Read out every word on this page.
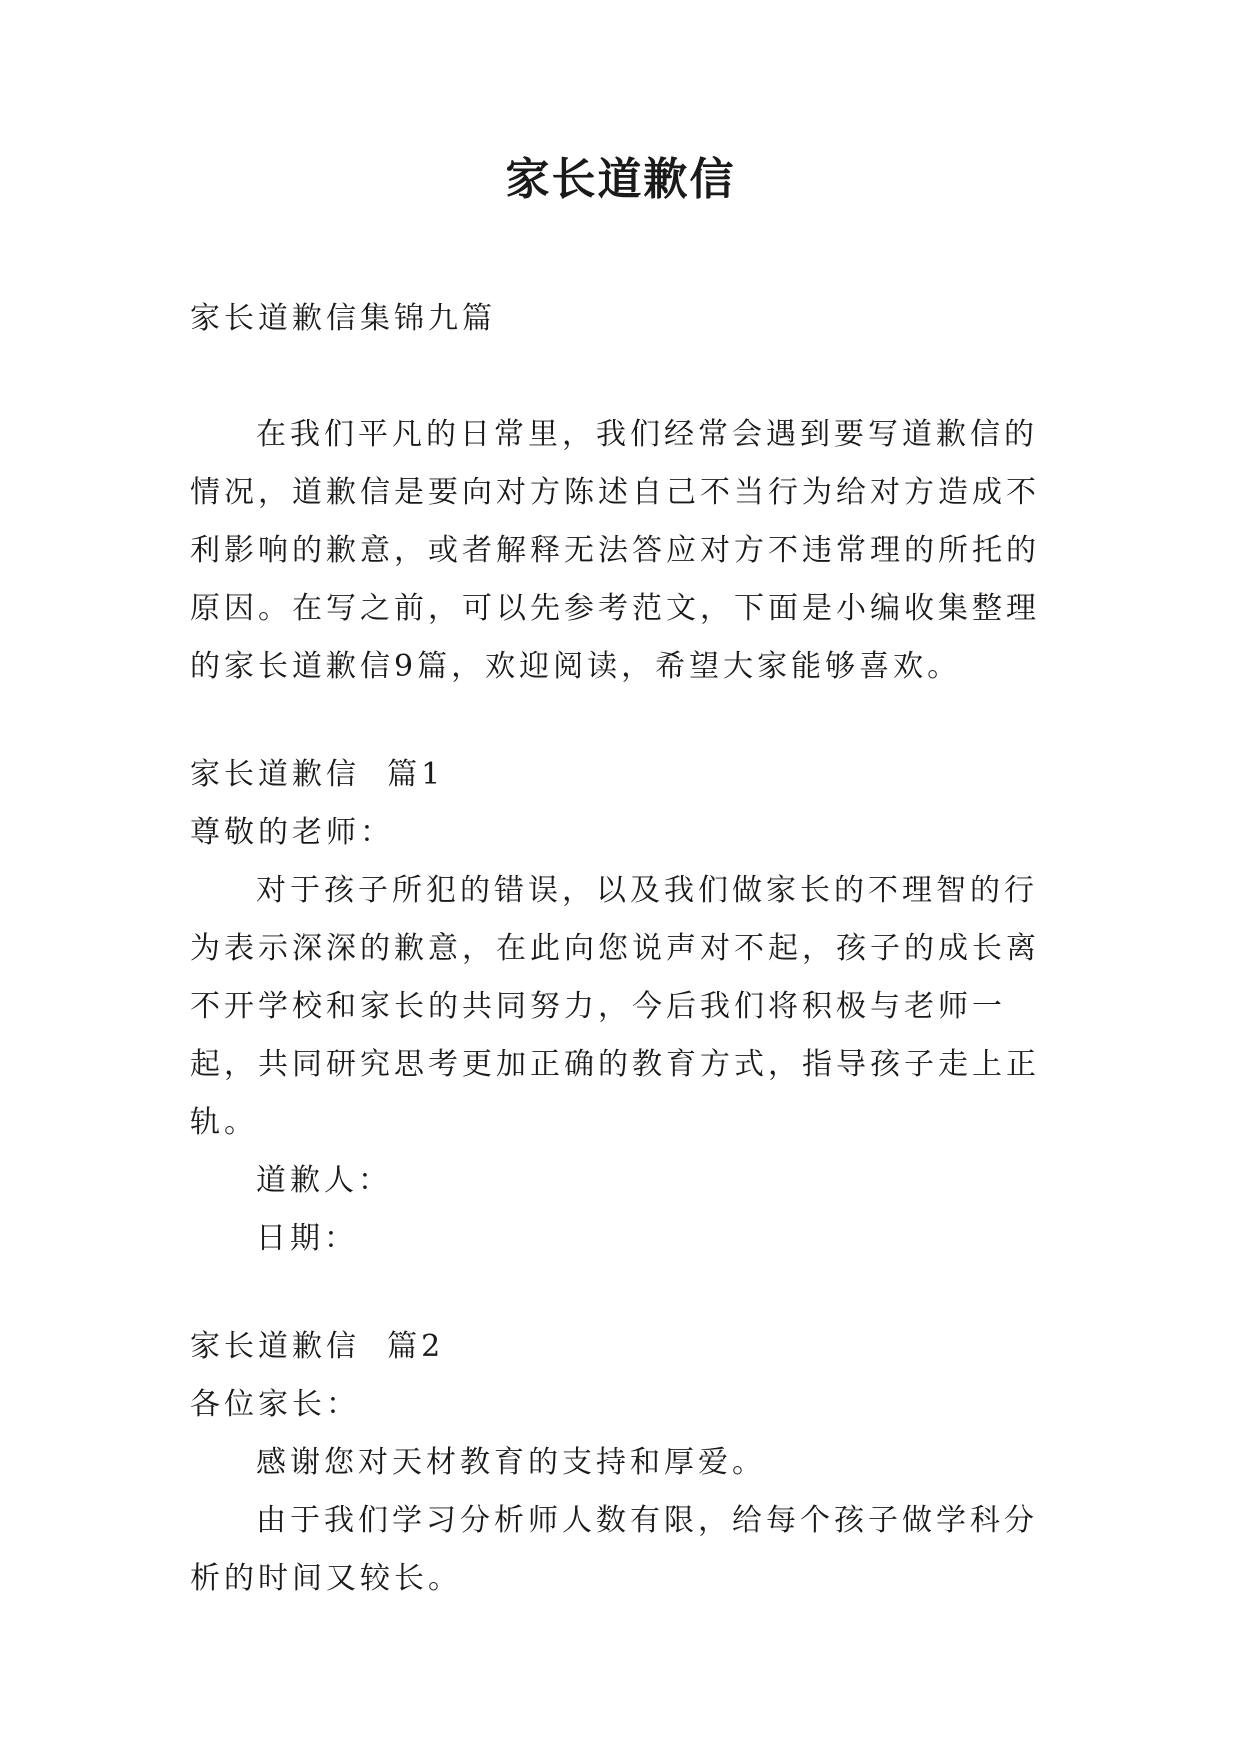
家长道歉信

家长道歉信集锦九篇

在我们平凡的日常里，我们经常会遇到要写道歉信的情况，道歉信是要向对方陈述自己不当行为给对方造成不利影响的歉意，或者解释无法答应对方不违常理的所托的原因。在写之前，可以先参考范文，下面是小编收集整理的家长道歉信9篇，欢迎阅读，希望大家能够喜欢。

家长道歉信  篇1

尊敬的老师：

对于孩子所犯的错误，以及我们做家长的不理智的行为表示深深的歉意，在此向您说声对不起，孩子的成长离不开学校和家长的共同努力，今后我们将积极与老师一起，共同研究思考更加正确的教育方式，指导孩子走上正轨。

道歉人：

日期：

家长道歉信  篇2

各位家长：

感谢您对天材教育的支持和厚爱。

由于我们学习分析师人数有限，给每个孩子做学科分析的时间又较长。
